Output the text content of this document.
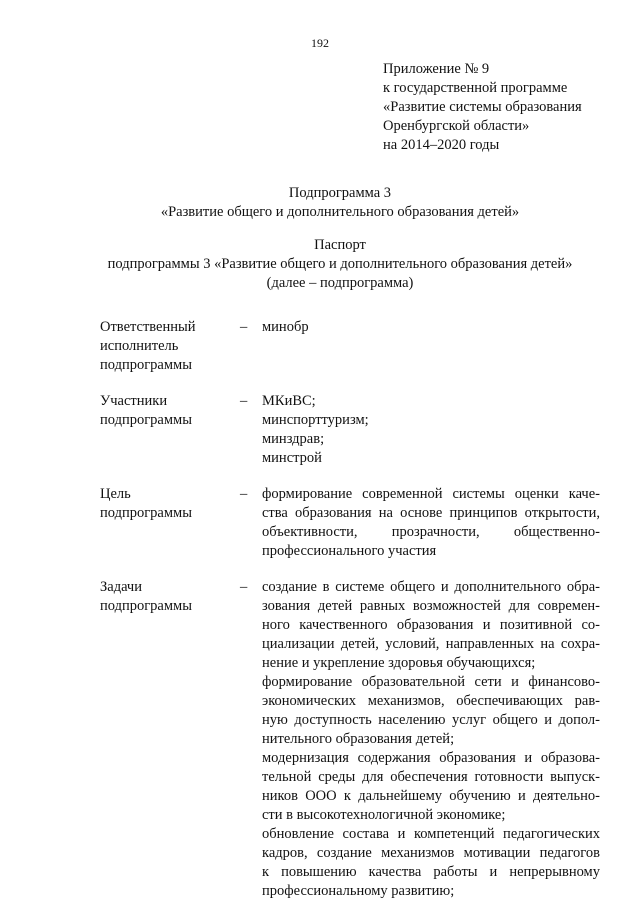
192
Приложение № 9
к государственной программе
«Развитие системы образования
Оренбургской области»
на 2014–2020 годы
Подпрограмма 3
«Развитие общего и дополнительного образования детей»
Паспорт
подпрограммы 3 «Развитие общего и дополнительного образования детей»
(далее – подпрограмма)
Ответственный
исполнитель
подпрограммы
–	минобр
Участники
подпрограммы
–	МКиВС;
минспорттуризм;
минздрав;
минстрой
Цель
подпрограммы
–	формирование современной системы оценки каче-
ства образования на основе принципов открытости,
объективности, прозрачности, общественно-
профессионального участия
Задачи
подпрограммы
–	создание в системе общего и дополнительного обра-
зования детей равных возможностей для современ-
ного качественного образования и позитивной со-
циализации детей, условий, направленных на сохра-
нение и укрепление здоровья обучающихся;
формирование образовательной сети и финансово-
экономических механизмов, обеспечивающих рав-
ную доступность населению услуг общего и допол-
нительного образования детей;
модернизация содержания образования и образова-
тельной среды для обеспечения готовности выпуск-
ников ООО к дальнейшему обучению и деятельно-
сти в высокотехнологичной экономике;
обновление состава и компетенций педагогических
кадров, создание механизмов мотивации педагогов
к повышению качества работы и непрерывному
профессиональному развитию;
